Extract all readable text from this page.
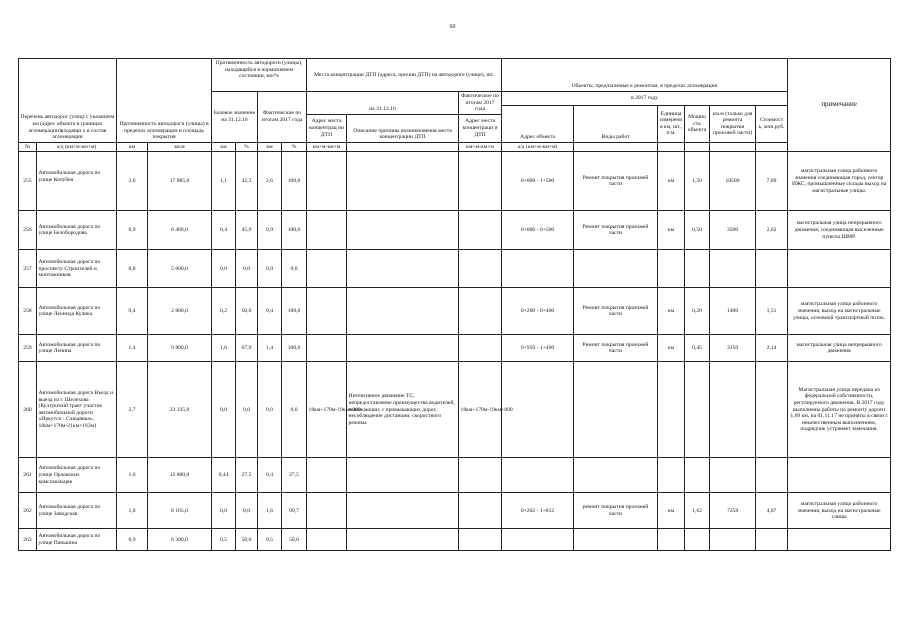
60
Перечень автодорог (улиц) с указанием км (адрес объекта в границах агломерации)входящи х в состав агломерации		Протяженность автодороги (улицы) в пределах агломерации и площадь покрытия		Протяженность автодороги (улицы), находящейся в нормативном состоянии, км/%				Места концентрации ДТП (адреса, причин ДТП) на автодороге (улице), шт.			Объекты, предлагаемые к ремонтам, в пределах агломерации						примечание
				Базовое значение на 31.12.16		Фактические по итогам 2017 года		на 31.12.16		Фактическое по итогам 2017 года	в 2017 году						
											Адрес объекта	Виды работ	Единица измерени я км, шт., п.м.	Мощно сть объекта	км.м (только для ремонта покрытия проезжей части)	Стоимост ь, млн.руб.	
								Адрес места концентрац ии ДТП	Описание причины возникновения места концентрации ДТП	Адрес места концентраци и ДТП							
№	а/д (км+м-км+м)	км	кв.м	км	%	км	%	км+м-км+м		км+м-км+м	а/д (км+м-км+м)						
255	Автомобильная дорога по улице Кочубея	2,6	17 885,0	1,1	42,3	2,6	100,0				0+000 - 1+500	Ремонт покрытия проезжей части	км	1,50	10500	7,89	магистральная улица районного значения соединяющая город, сектор ИЖС, промышленные склады выход на магистральные улицы.
256	Автомобильная дорога по улице Белобородова	0,9	6 468,0	0,4	45,9	0,9	100,0				0+000 - 0+500	Ремонт покрытия проезжей части	км	0,50	3500	2,62	магистральная улица непрерывного движения, соединяющая выселенные пункты ШМР.
257	Автомобильная дорога по проспекту Строителей и монтажников	0,8	5 600,0	0,0	0,0	0,0	0,0										
258	Автомобильная дорога по улице Леонида Кулика	0,4	2 800,0	0,2	50,0	0,4	100,0				0+200 - 0+400	Ремонт покрытия проезжей части	км	0,20	1400	1,51	магистральная улица районного значения, выход на магистральные улицы, основной транспортный поток.
259	Автомобильная дорога по улице Ленина	1,4	9 800,0	1,0	67,9	1,4	100,0				0+950 - 1+400	Ремонт покрытия проезжей части	км	0,45	3150	2,14	магистральная улица непрерывного движения
260	Автомобильная дорога Въезд и выезд из г. Шелехова (Култукский тракт участок автомобильной дороги «Иркутск - Слюдянка», 18км+170м-21км+163м)	2,7	23 335,0	0,0	0,0	0,0	0,0	18км+170м-19км+000	Интенсивное движение ТС, непредоставление преимущества водителей, выезжающих с примыкающих дорог, несоблюдение дистанции, скоростного режима	18км+170м-19км+000							Магистральная улица передана из федеральной собственности, регулируемого движения. В 2017 году выполнены работы по ремонту дороги 1,09 км, на 01.11.17 не приняты в связи с некачественным выполнением, подрядчик устраняет замечания.
261	Автомобильная дорога по улице Орловских комсомольцев	1,6	12 800,0	0,44	27,5	0,4	27,5										
262	Автомобильная дорога по улице Заводская	1,8	8 165,0	0,0	0,0	1,6	89,7				0+202 - 1+812	ремонт покрытия проезжей части	км	1,62	7258	4,87	магистральная улица районного значения, выход на магистральные улицы
263	Автомобильная дорога по улице Панькина	0,9	6 300,0	0,5	50,0	0,5	50,0										
